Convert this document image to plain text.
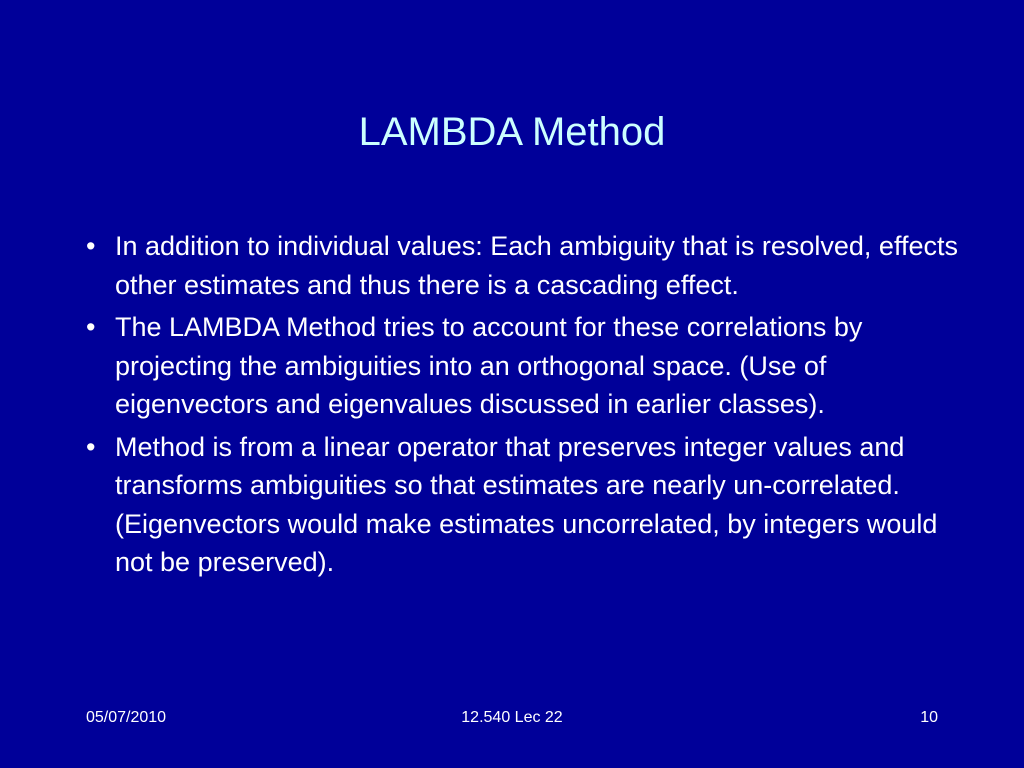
LAMBDA Method
• In addition to individual values: Each ambiguity that is resolved, effects other estimates and thus there is a cascading effect.
• The LAMBDA Method tries to account for these correlations by projecting the ambiguities into an orthogonal space. (Use of eigenvectors and eigenvalues discussed in earlier classes).
• Method is from a linear operator that preserves integer values and transforms ambiguities so that estimates are nearly un-correlated. (Eigenvectors would make estimates uncorrelated, by integers would not be preserved).
05/07/2010	12.540 Lec 22	10
